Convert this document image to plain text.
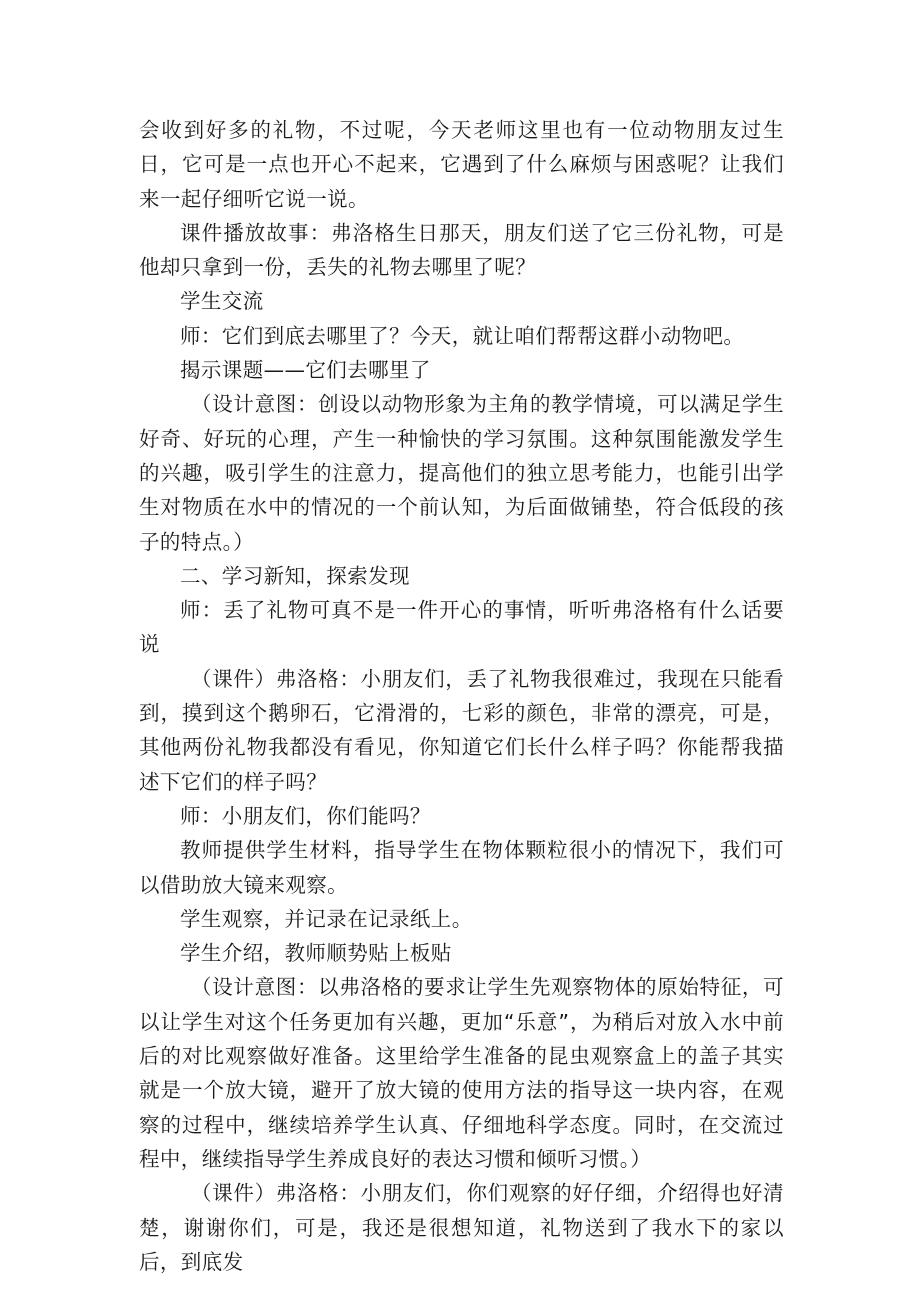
会收到好多的礼物，不过呢，今天老师这里也有一位动物朋友过生日，它可是一点也开心不起来，它遇到了什么麻烦与困惑呢？让我们来一起仔细听它说一说。

课件播放故事：弗洛格生日那天，朋友们送了它三份礼物，可是他却只拿到一份，丢失的礼物去哪里了呢？

学生交流

师：它们到底去哪里了？今天，就让咱们帮帮这群小动物吧。

揭示课题——它们去哪里了

（设计意图：创设以动物形象为主角的教学情境，可以满足学生好奇、好玩的心理，产生一种愉快的学习氛围。这种氛围能激发学生的兴趣，吸引学生的注意力，提高他们的独立思考能力，也能引出学生对物质在水中的情况的一个前认知，为后面做铺垫，符合低段的孩子的特点。）

二、学习新知，探索发现

师：丢了礼物可真不是一件开心的事情，听听弗洛格有什么话要说

（课件）弗洛格：小朋友们，丢了礼物我很难过，我现在只能看到，摸到这个鹅卵石，它滑滑的，七彩的颜色，非常的漂亮，可是，其他两份礼物我都没有看见，你知道它们长什么样子吗？你能帮我描述下它们的样子吗？

师：小朋友们，你们能吗？

教师提供学生材料，指导学生在物体颗粒很小的情况下，我们可以借助放大镜来观察。

学生观察，并记录在记录纸上。

学生介绍，教师顺势贴上板贴

（设计意图：以弗洛格的要求让学生先观察物体的原始特征，可以让学生对这个任务更加有兴趣，更加“乐意”，为稍后对放入水中前后的对比观察做好准备。这里给学生准备的昆虫观察盒上的盖子其实就是一个放大镜，避开了放大镜的使用方法的指导这一块内容，在观察的过程中，继续培养学生认真、仔细地科学态度。同时，在交流过程中，继续指导学生养成良好的表达习惯和倾听习惯。）

（课件）弗洛格：小朋友们，你们观察的好仔细，介绍得也好清楚，谢谢你们，可是，我还是很想知道，礼物送到了我水下的家以后，到底发
